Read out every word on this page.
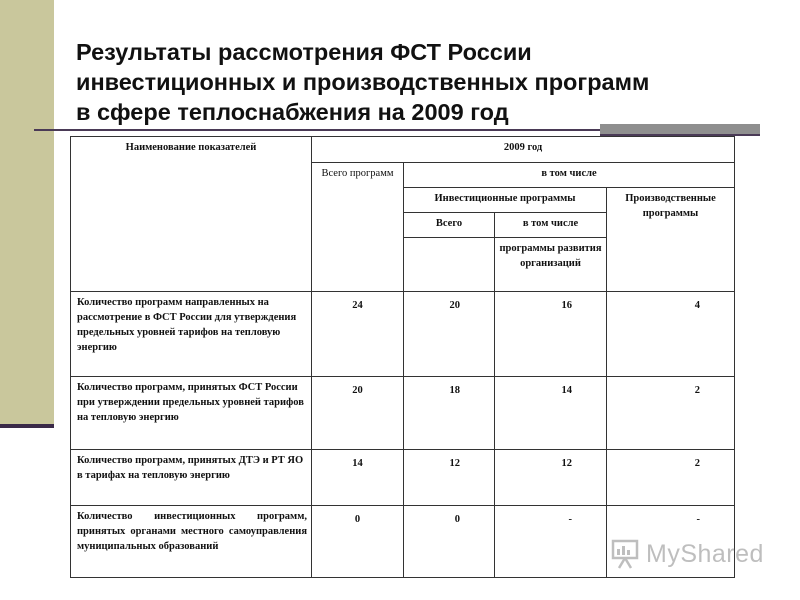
Результаты рассмотрения ФСТ России
инвестиционных и производственных программ
в сфере теплоснабжения на 2009 год
Наименование показателей	2009 год			
	Всего программ	в том числе		
		Инвестиционные программы		Производственные программы
		Всего	в том числе	
			программы развития организаций	
Количество программ направленных на рассмотрение в ФСТ России для утверждения предельных уровней тарифов на тепловую энергию	24	20	16	4
Количество программ, принятых ФСТ России при утверждении предельных уровней тарифов на тепловую энергию	20	18	14	2
Количество программ, принятых ДТЭ и РТ ЯО в тарифах на тепловую энергию	14	12	12	2
Количество инвестиционных программ, принятых органами местного самоуправления муниципальных образований	0	0	-	-
MyShared
